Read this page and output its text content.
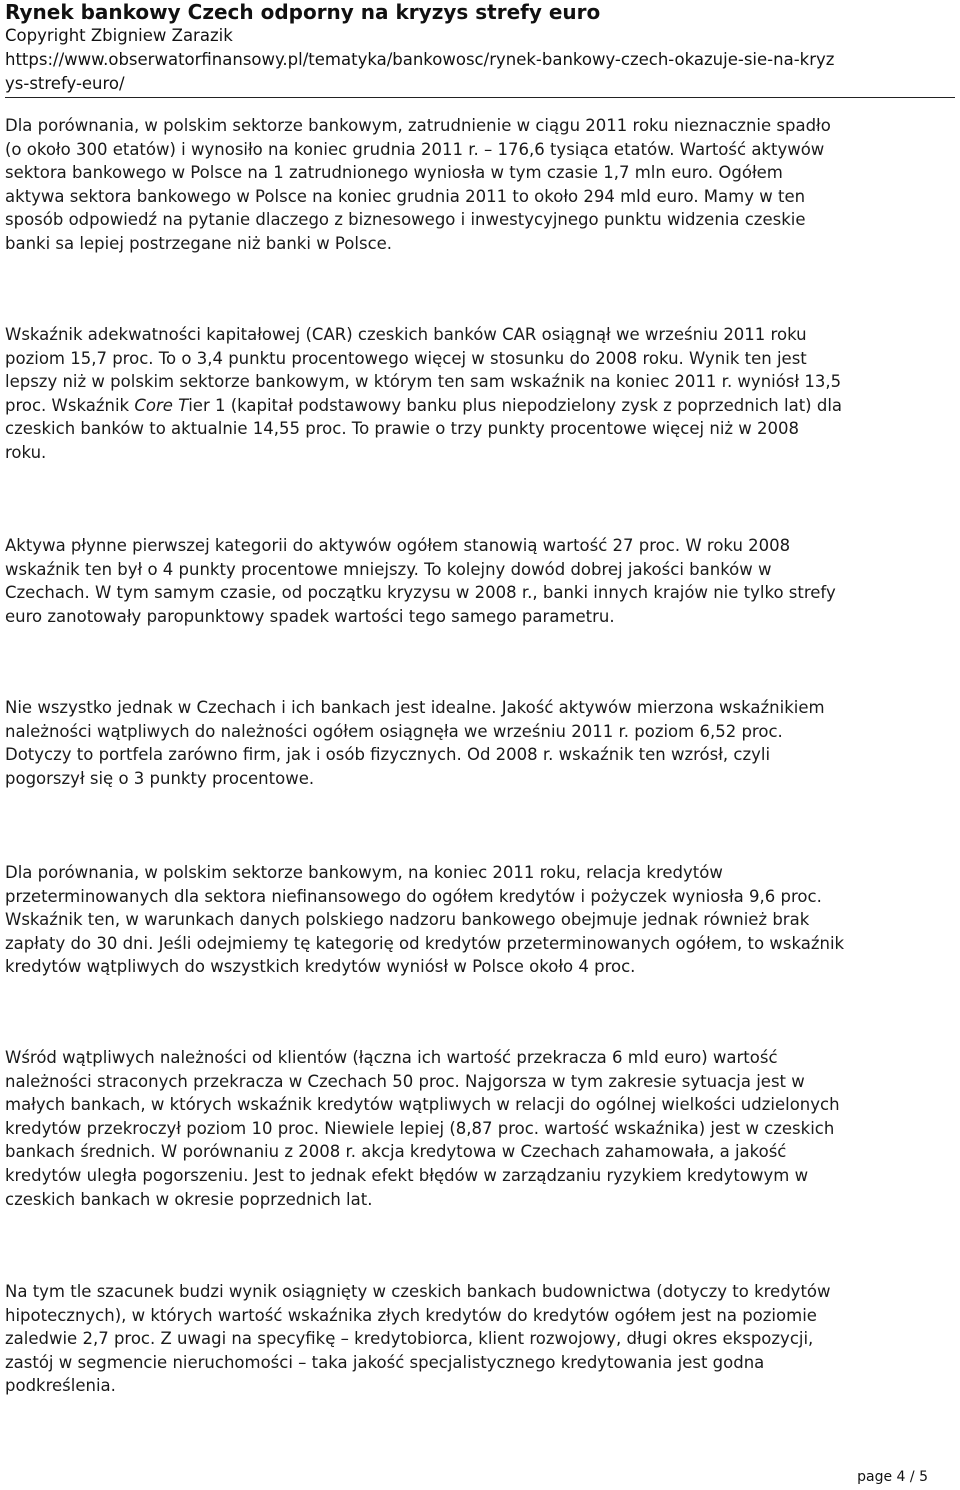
Rynek bankowy Czech odporny na kryzys strefy euro

Copyright Zbigniew Zarazik

https://www.obserwatorfinansowy.pl/tematyka/bankowosc/rynek-bankowy-czech-okazuje-sie-na-kryz

ys-strefy-euro/

Dla porównania, w polskim sektorze bankowym, zatrudnienie w ciągu 2011 roku nieznacznie spadło

(o około 300 etatów) i wynosiło na koniec grudnia 2011 r. – 176,6 tysiąca etatów. Wartość aktywów

sektora bankowego w Polsce na 1 zatrudnionego wyniosła w tym czasie 1,7 mln euro. Ogółem

aktywa sektora bankowego w Polsce na koniec grudnia 2011 to około 294 mld euro. Mamy w ten

sposób odpowiedź na pytanie dlaczego z biznesowego i inwestycyjnego punktu widzenia czeskie

banki sa lepiej postrzegane niż banki w Polsce.

Wskaźnik adekwatności kapitałowej (CAR) czeskich banków CAR osiągnął we wrześniu 2011 roku

poziom 15,7 proc. To o 3,4 punktu procentowego więcej w stosunku do 2008 roku. Wynik ten jest

lepszy niż w polskim sektorze bankowym, w którym ten sam wskaźnik na koniec 2011 r. wyniósł 13,5

proc. Wskaźnik Core Tier 1 (kapitał podstawowy banku plus niepodzielony zysk z poprzednich lat) dla

czeskich banków to aktualnie 14,55 proc. To prawie o trzy punkty procentowe więcej niż w 2008

roku.

Aktywa płynne pierwszej kategorii do aktywów ogółem stanowią wartość 27 proc. W roku 2008

wskaźnik ten był o 4 punkty procentowe mniejszy. To kolejny dowód dobrej jakości banków w

Czechach. W tym samym czasie, od początku kryzysu w 2008 r., banki innych krajów nie tylko strefy

euro zanotowały paropunktowy spadek wartości tego samego parametru.

Nie wszystko jednak w Czechach i ich bankach jest idealne. Jakość aktywów mierzona wskaźnikiem

należności wątpliwych do należności ogółem osiągnęła we wrześniu 2011 r. poziom 6,52 proc.

Dotyczy to portfela zarówno firm, jak i osób fizycznych. Od 2008 r. wskaźnik ten wzrósł, czyli

pogorszył się o 3 punkty procentowe.

Dla porównania, w polskim sektorze bankowym, na koniec 2011 roku, relacja kredytów

przeterminowanych dla sektora niefinansowego do ogółem kredytów i pożyczek wyniosła 9,6 proc.

Wskaźnik ten, w warunkach danych polskiego nadzoru bankowego obejmuje jednak również brak

zapłaty do 30 dni. Jeśli odejmiemy tę kategorię od kredytów przeterminowanych ogółem, to wskaźnik

kredytów wątpliwych do wszystkich kredytów wyniósł w Polsce około 4 proc.

Wśród wątpliwych należności od klientów (łączna ich wartość przekracza 6 mld euro) wartość

należności straconych przekracza w Czechach 50 proc. Najgorsza w tym zakresie sytuacja jest w

małych bankach, w których wskaźnik kredytów wątpliwych w relacji do ogólnej wielkości udzielonych

kredytów przekroczył poziom 10 proc. Niewiele lepiej (8,87 proc. wartość wskaźnika) jest w czeskich

bankach średnich. W porównaniu z 2008 r. akcja kredytowa w Czechach zahamowała, a jakość

kredytów uległa pogorszeniu. Jest to jednak efekt błędów w zarządzaniu ryzykiem kredytowym w

czeskich bankach w okresie poprzednich lat.

Na tym tle szacunek budzi wynik osiągnięty w czeskich bankach budownictwa (dotyczy to kredytów

hipotecznych), w których wartość wskaźnika złych kredytów do kredytów ogółem jest na poziomie

zaledwie 2,7 proc. Z uwagi na specyfikę – kredytobiorca, klient rozwojowy, długi okres ekspozycji,

zastój w segmencie nieruchomości – taka jakość specjalistycznego kredytowania jest godna

podkreślenia.

page 4 / 5
